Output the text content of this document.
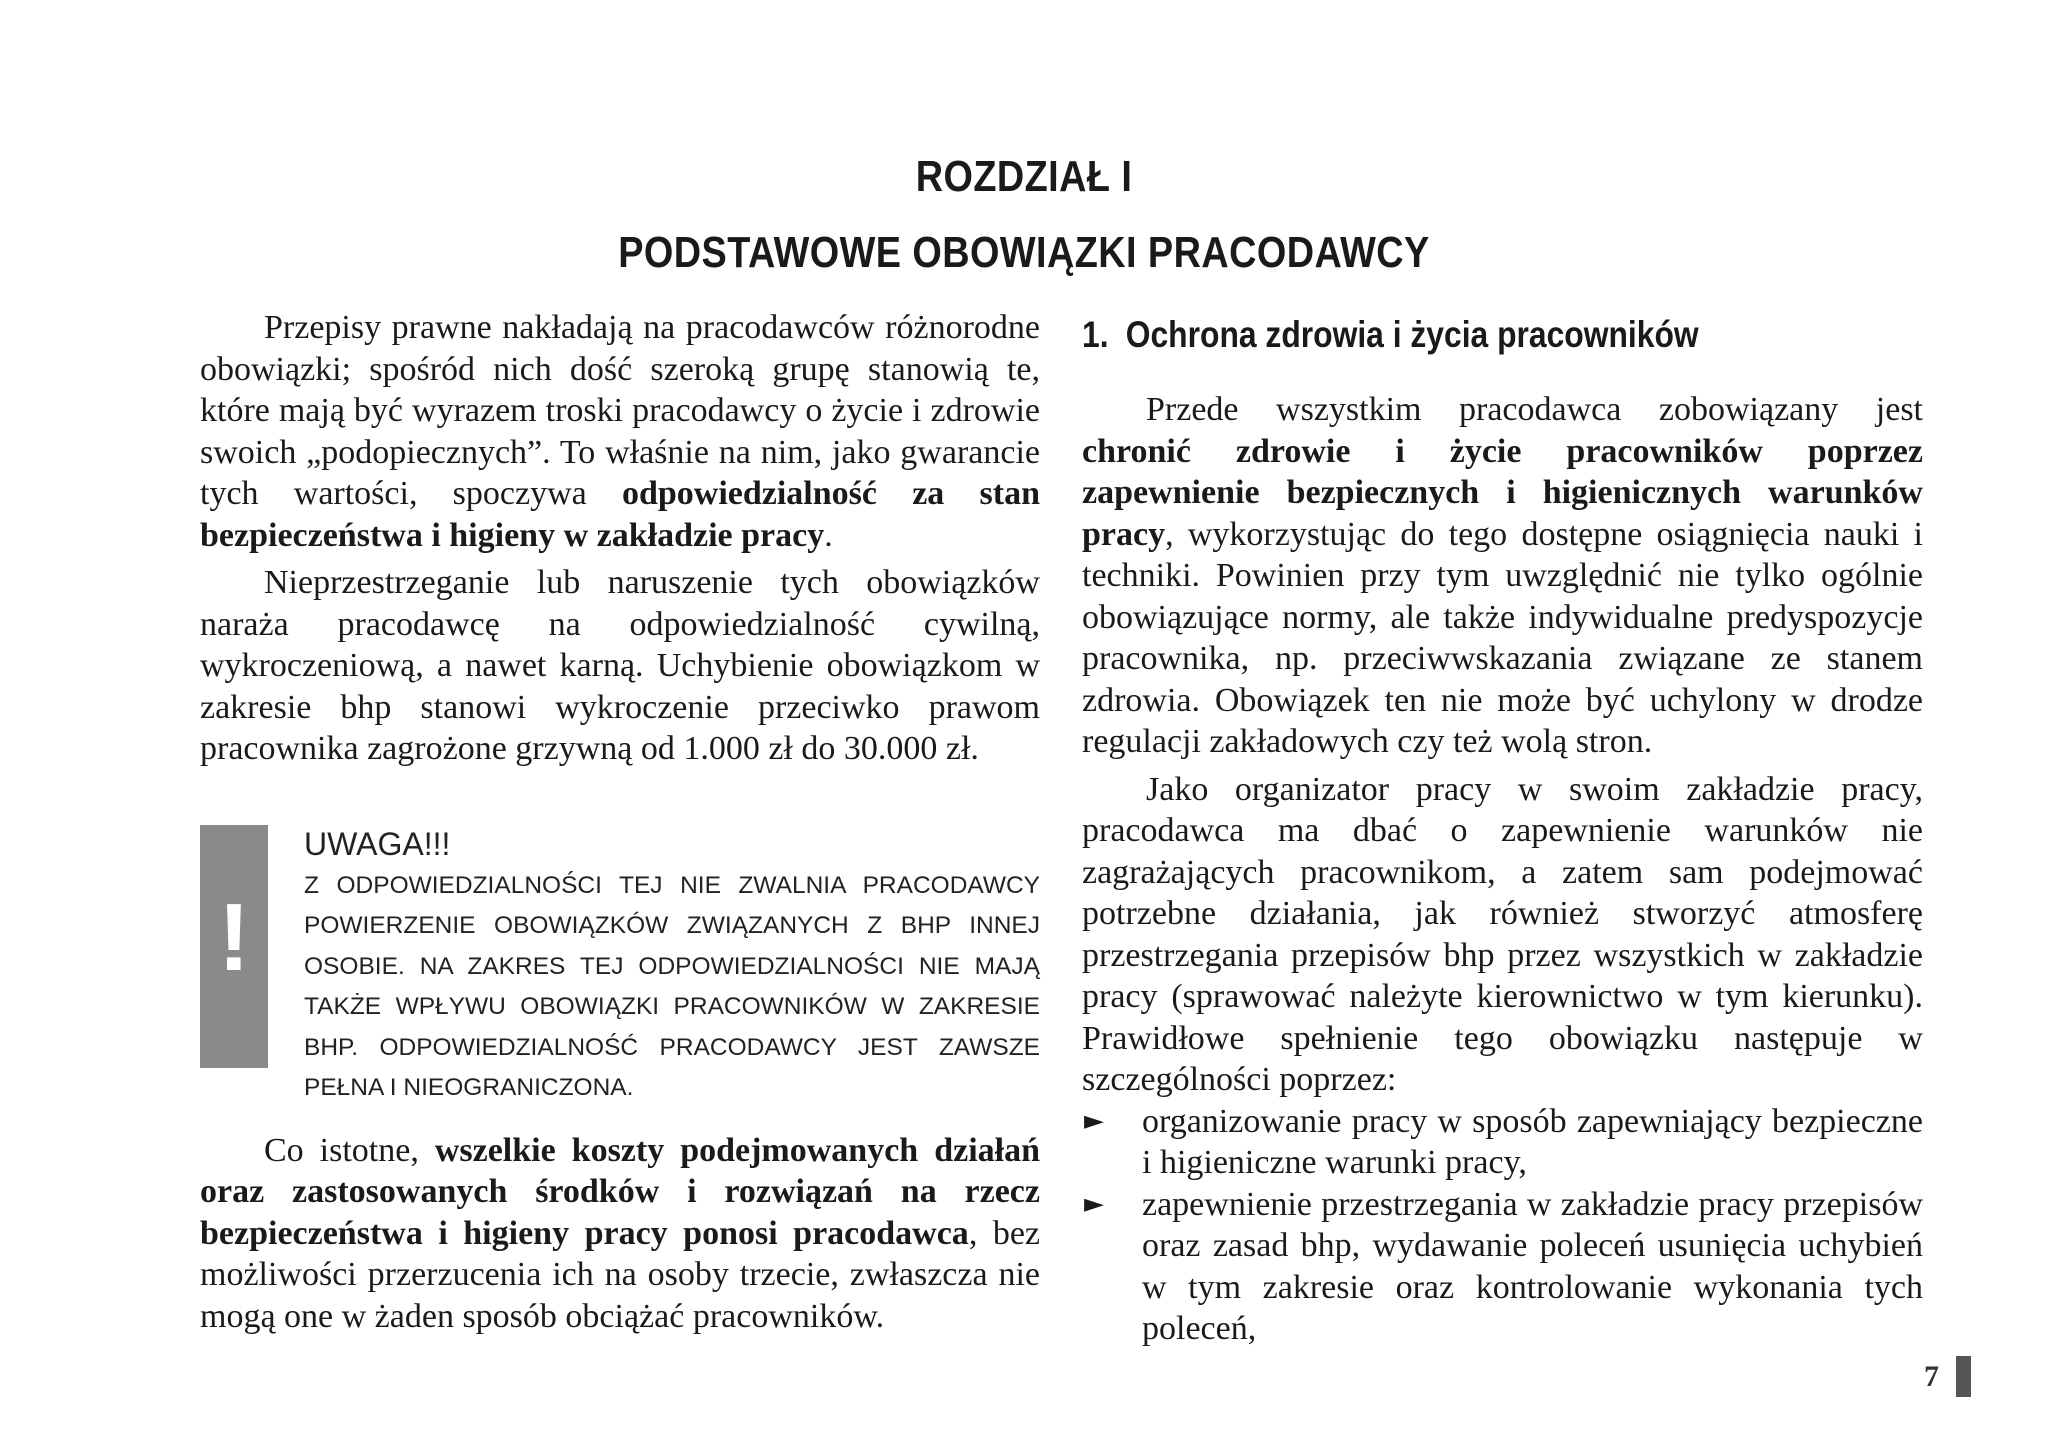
ROZDZIAŁ I
PODSTAWOWE OBOWIĄZKI PRACODAWCY

Przepisy prawne nakładają na pracodawców różnorodne obowiązki; spośród nich dość szeroką grupę stanowią te, które mają być wyrazem troski pracodawcy o życie i zdrowie swoich „podopiecznych”. To właśnie na nim, jako gwarancie tych wartości, spoczywa odpowiedzialność za stan bezpieczeństwa i higieny w zakładzie pracy.

Nieprzestrzeganie lub naruszenie tych obowiązków naraża pracodawcę na odpowiedzialność cywilną, wykroczeniową, a nawet karną. Uchybienie obowiązkom w zakresie bhp stanowi wykroczenie przeciwko prawom pracownika zagrożone grzywną od 1.000 zł do 30.000 zł.

!
UWAGA!!!
Z ODPOWIEDZIALNOŚCI TEJ NIE ZWALNIA PRACODAWCY POWIERZENIE OBOWIĄZKÓW ZWIĄZANYCH Z BHP INNEJ OSOBIE. NA ZAKRES TEJ ODPOWIEDZIALNOŚCI NIE MAJĄ TAKŻE WPŁYWU OBOWIĄZKI PRACOWNIKÓW W ZAKRESIE BHP. ODPOWIEDZIALNOŚĆ PRACODAWCY JEST ZAWSZE PEŁNA I NIEOGRANICZONA.

Co istotne, wszelkie koszty podejmowanych działań oraz zastosowanych środków i rozwiązań na rzecz bezpieczeństwa i higieny pracy ponosi pracodawca, bez możliwości przerzucenia ich na osoby trzecie, zwłaszcza nie mogą one w żaden sposób obciążać pracowników.

1. Ochrona zdrowia i życia pracowników

Przede wszystkim pracodawca zobowiązany jest chronić zdrowie i życie pracowników poprzez zapewnienie bezpiecznych i higienicznych warunków pracy, wykorzystując do tego dostępne osiągnięcia nauki i techniki. Powinien przy tym uwzględnić nie tylko ogólnie obowiązujące normy, ale także indywidualne predyspozycje pracownika, np. przeciwwskazania związane ze stanem zdrowia. Obowiązek ten nie może być uchylony w drodze regulacji zakładowych czy też wolą stron.

Jako organizator pracy w swoim zakładzie pracy, pracodawca ma dbać o zapewnienie warunków nie zagrażających pracownikom, a zatem sam podejmować potrzebne działania, jak również stworzyć atmosferę przestrzegania przepisów bhp przez wszystkich w zakładzie pracy (sprawować należyte kierownictwo w tym kierunku). Prawidłowe spełnienie tego obowiązku następuje w szczególności poprzez:

► organizowanie pracy w sposób zapewniający bezpieczne i higieniczne warunki pracy,
► zapewnienie przestrzegania w zakładzie pracy przepisów oraz zasad bhp, wydawanie poleceń usunięcia uchybień w tym zakresie oraz kontrolowanie wykonania tych poleceń,
7
